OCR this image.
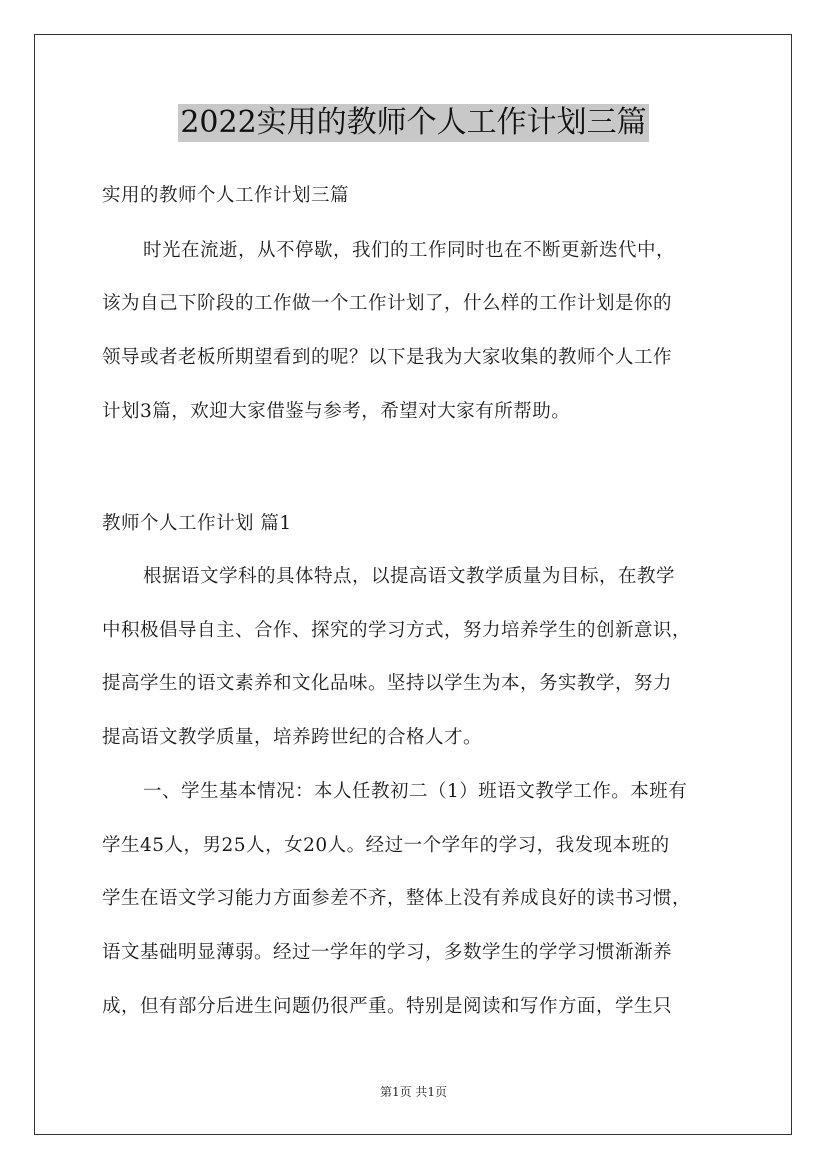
2022实用的教师个人工作计划三篇
实用的教师个人工作计划三篇
时光在流逝，从不停歇，我们的工作同时也在不断更新迭代中，
该为自己下阶段的工作做一个工作计划了，什么样的工作计划是你的
领导或者老板所期望看到的呢？以下是我为大家收集的教师个人工作
计划3篇，欢迎大家借鉴与参考，希望对大家有所帮助。
教师个人工作计划 篇1
根据语文学科的具体特点，以提高语文教学质量为目标，在教学
中积极倡导自主、合作、探究的学习方式，努力培养学生的创新意识，
提高学生的语文素养和文化品味。坚持以学生为本，务实教学，努力
提高语文教学质量，培养跨世纪的合格人才。
一、学生基本情况：本人任教初二（1）班语文教学工作。本班有
学生45人，男25人，女20人。经过一个学年的学习，我发现本班的
学生在语文学习能力方面参差不齐，整体上没有养成良好的读书习惯，
语文基础明显薄弱。经过一学年的学习，多数学生的学学习惯渐渐养
成，但有部分后进生问题仍很严重。特别是阅读和写作方面，学生只
第1页 共1页
